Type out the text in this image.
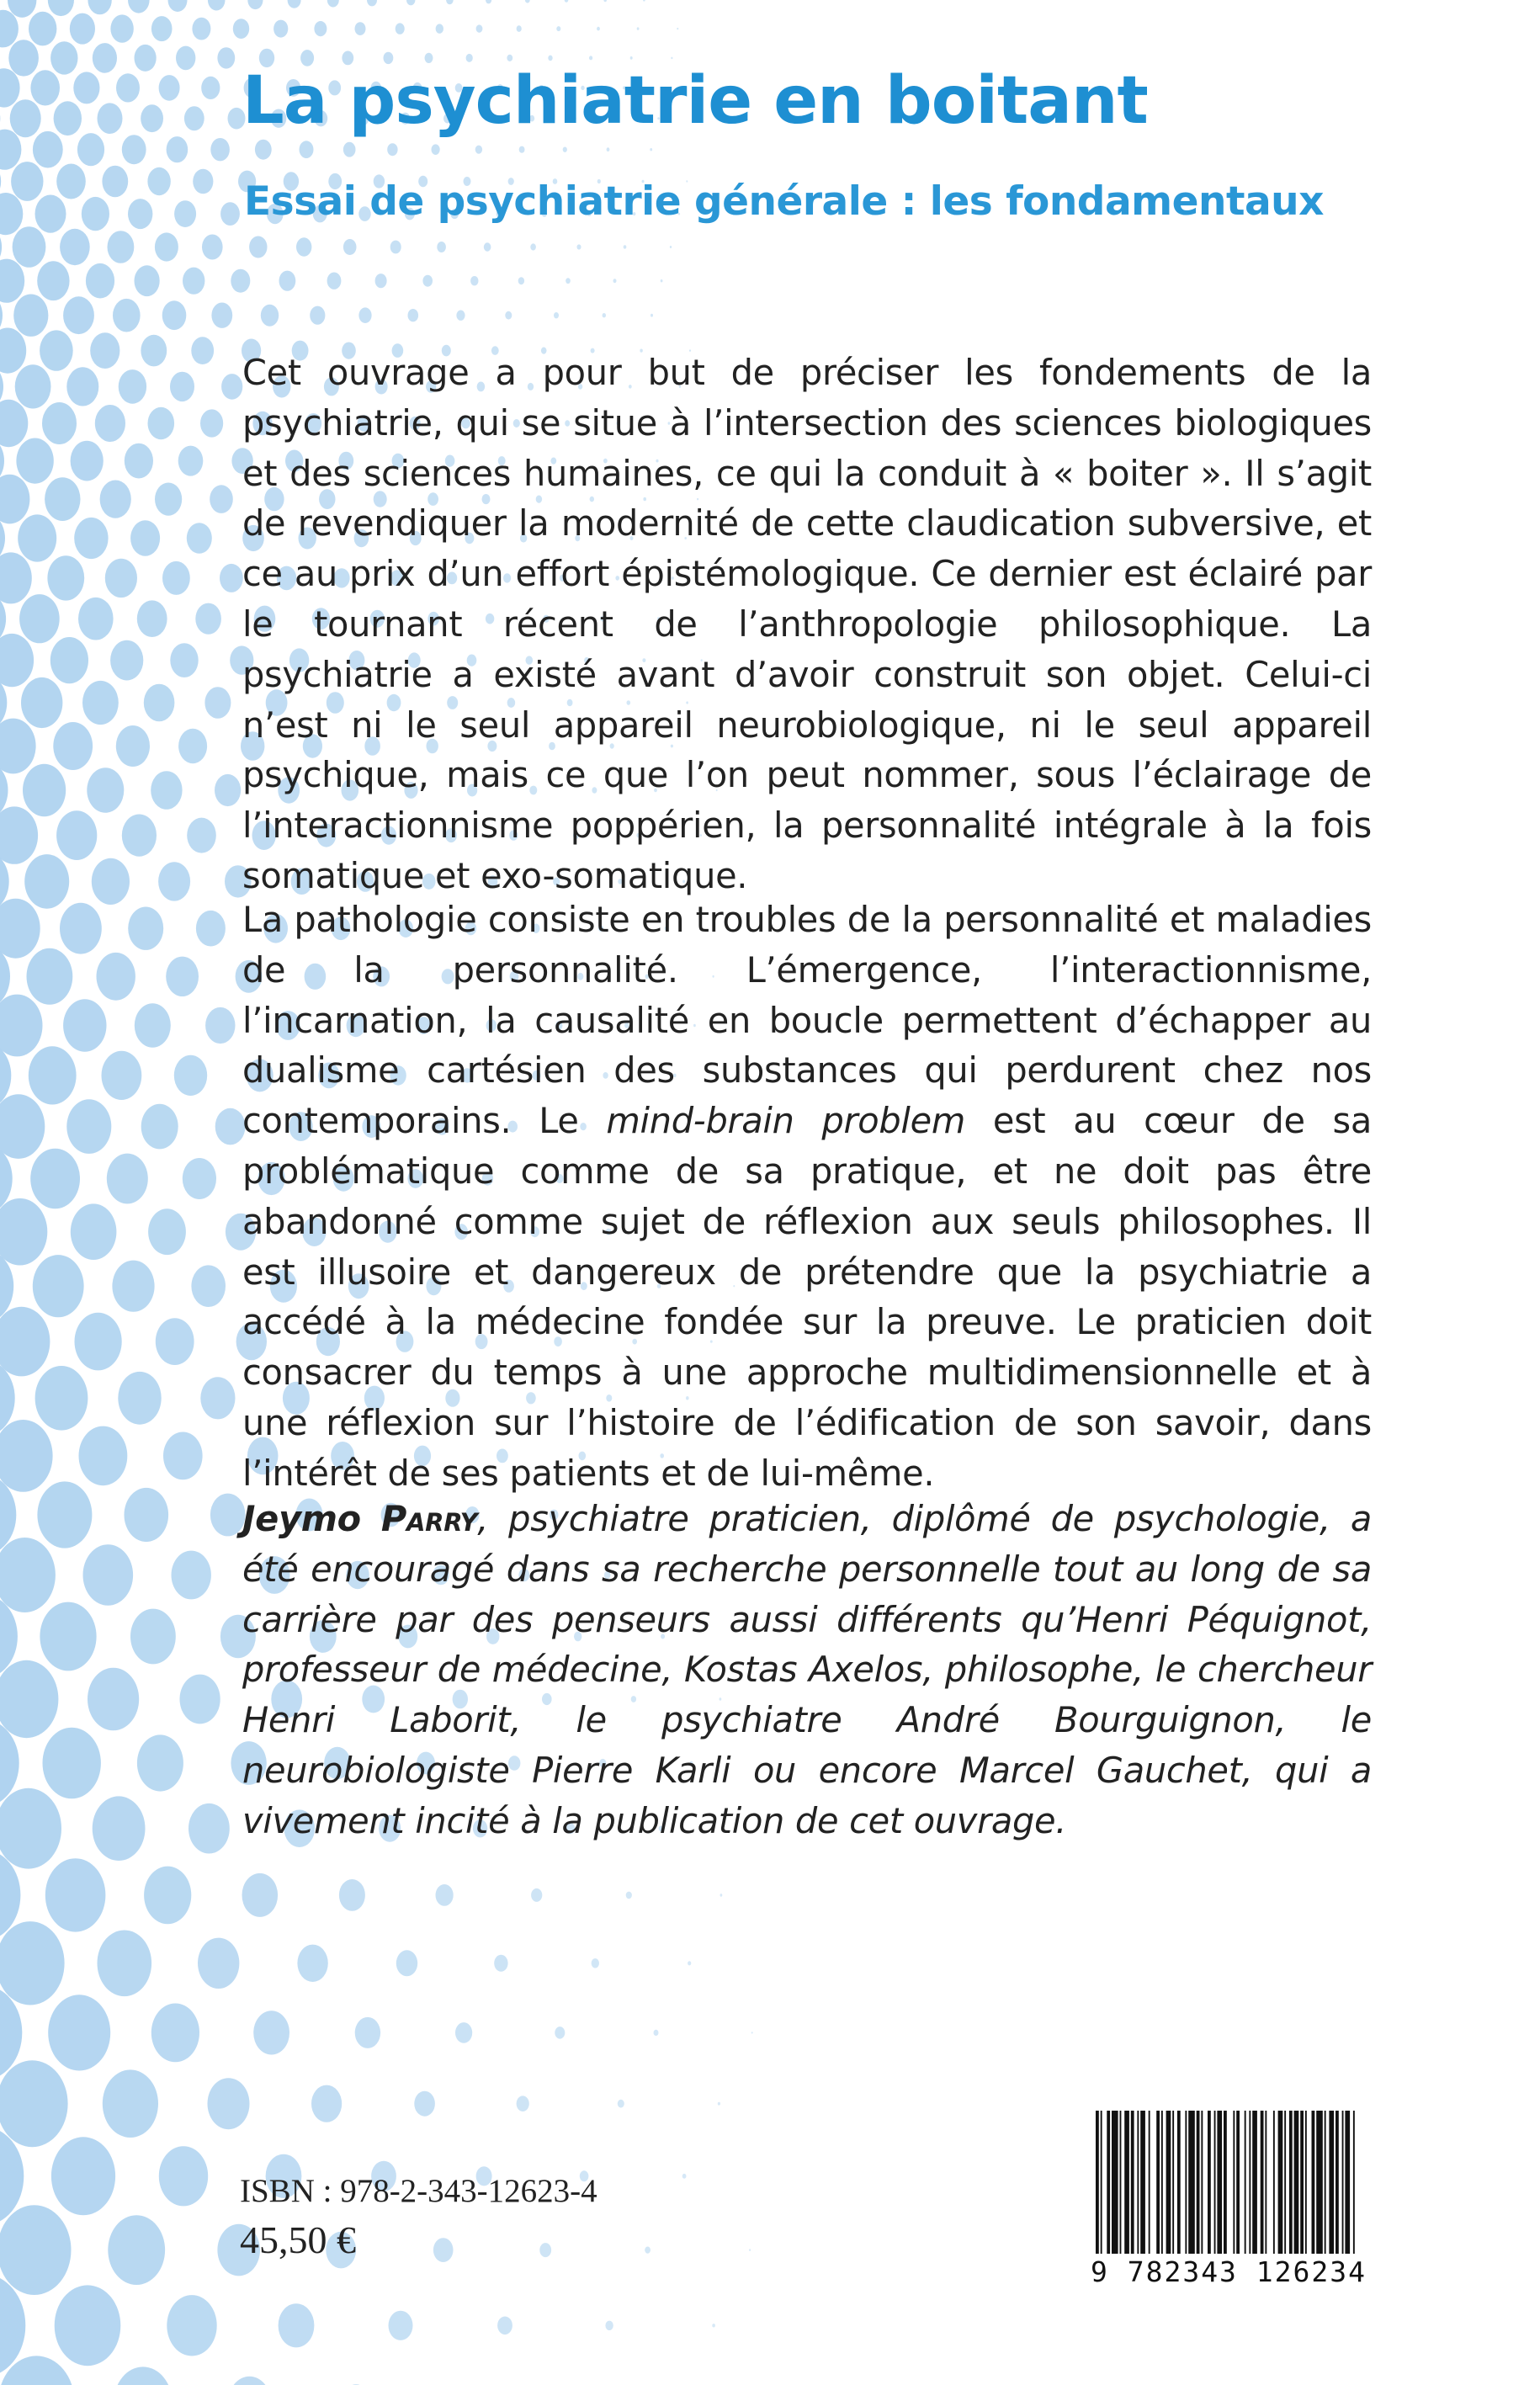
La psychiatrie en boitant
Essai de psychiatrie générale : les fondamentaux

Cet ouvrage a pour but de préciser les fondements de la psychiatrie, qui se situe à l’intersection des sciences biologiques et des sciences humaines, ce qui la conduit à « boiter ». Il s’agit de revendiquer la modernité de cette claudication subversive, et ce au prix d’un effort épistémologique. Ce dernier est éclairé par le tournant récent de l’anthropologie philosophique. La psychiatrie a existé avant d’avoir construit son objet. Celui-ci n’est ni le seul appareil neurobiologique, ni le seul appareil psychique, mais ce que l’on peut nommer, sous l’éclairage de l’interactionnisme poppérien, la personnalité intégrale à la fois somatique et exo-somatique.

La pathologie consiste en troubles de la personnalité et maladies de la personnalité. L’émergence, l’interactionnisme, l’incarnation, la causalité en boucle permettent d’échapper au dualisme cartésien des substances qui perdurent chez nos contemporains. Le mind-brain problem est au cœur de sa problématique comme de sa pratique, et ne doit pas être abandonné comme sujet de réflexion aux seuls philosophes. Il est illusoire et dangereux de prétendre que la psychiatrie a accédé à la médecine fondée sur la preuve. Le praticien doit consacrer du temps à une approche multidimensionnelle et à une réflexion sur l’histoire de l’édification de son savoir, dans l’intérêt de ses patients et de lui-même.

Jeymo Parry, psychiatre praticien, diplômé de psychologie, a été encouragé dans sa recherche personnelle tout au long de sa carrière par des penseurs aussi différents qu’Henri Péquignot, professeur de médecine, Kostas Axelos, philosophe, le chercheur Henri Laborit, le psychiatre André Bourguignon, le neurobiologiste Pierre Karli ou encore Marcel Gauchet, qui a vivement incité à la publication de cet ouvrage.

ISBN : 978-2-343-12623-4
45,50 €
9 782343 126234
